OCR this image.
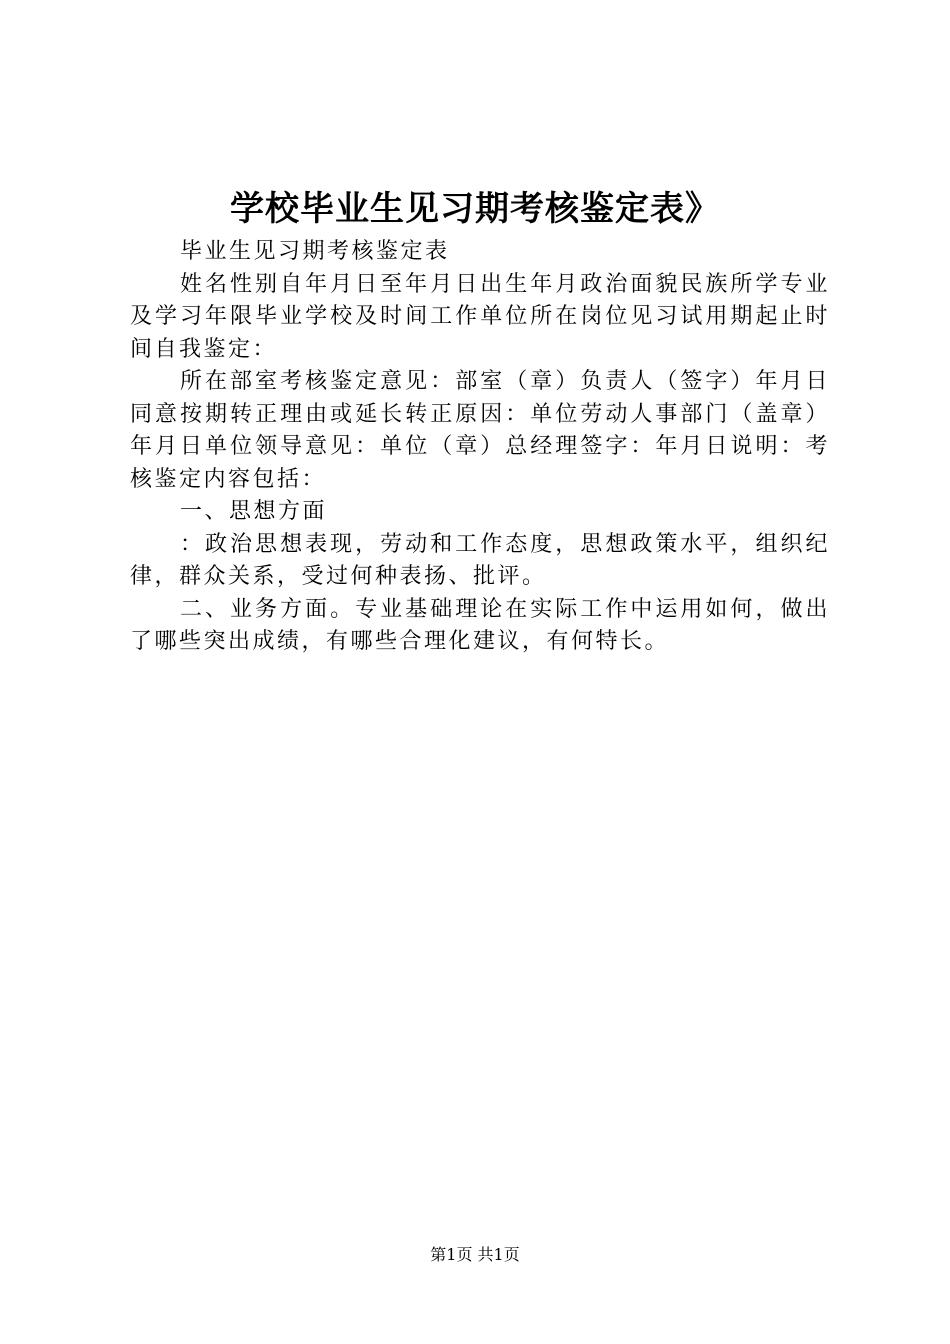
学校毕业生见习期考核鉴定表》

毕业生见习期考核鉴定表

姓名性别自年月日至年月日出生年月政治面貌民族所学专业及学习年限毕业学校及时间工作单位所在岗位见习试用期起止时间自我鉴定：

所在部室考核鉴定意见：部室（章）负责人（签字）年月日同意按期转正理由或延长转正原因：单位劳动人事部门（盖章）年月日单位领导意见：单位（章）总经理签字：年月日说明：考核鉴定内容包括：

一、思想方面

：政治思想表现，劳动和工作态度，思想政策水平，组织纪律，群众关系，受过何种表扬、批评。

二、业务方面。专业基础理论在实际工作中运用如何，做出了哪些突出成绩，有哪些合理化建议，有何特长。

第1页 共1页
